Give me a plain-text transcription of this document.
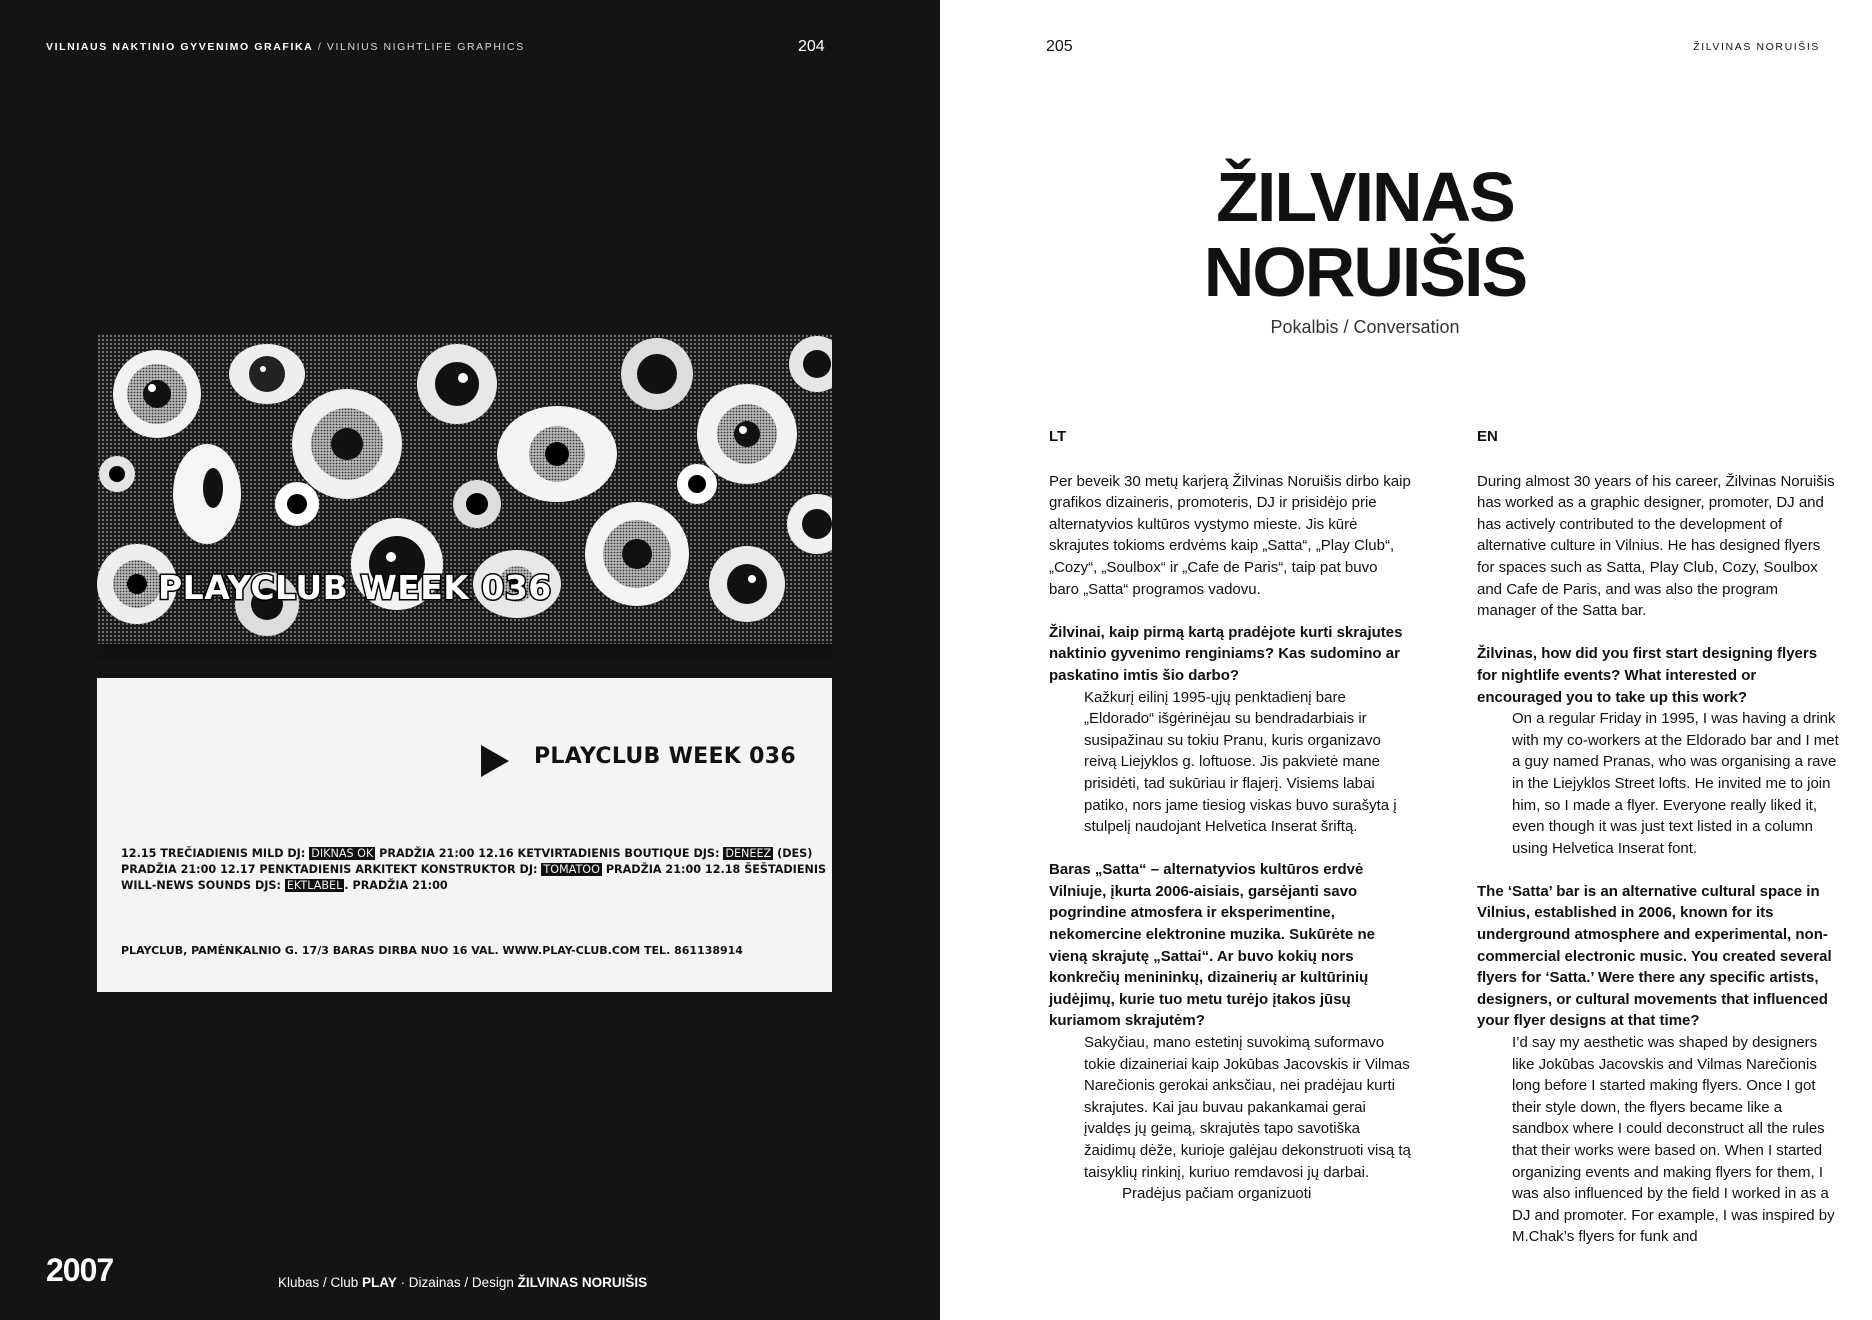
VILNIAUS NAKTINIO GYVENIMO GRAFIKA / VILNIUS NIGHTLIFE GRAPHICS	204
PLAYCLUB WEEK 036
PLAYCLUB WEEK 036
12.15 TREČIADIENIS MILD DJ: DIKNAS OK PRADŽIA 21:00 12.16 KETVIRTADIENIS BOUTIQUE DJS: DENEEZ (DES)
PRADŽIA 21:00 12.17 PENKTADIENIS ARKITEKT KONSTRUKTOR DJ: TOMATOO PRADŽIA 21:00 12.18 ŠEŠTADIENIS
WILL-NEWS SOUNDS DJS: EKTLABEL . PRADŽIA 21:00
PLAYCLUB, PAMĖNKALNIO G. 17/3 BARAS DIRBA NUO 16 VAL. WWW.PLAY-CLUB.COM TEL. 861138914
2007	Klubas / Club PLAY · Dizainas / Design ŽILVINAS NORUIŠIS
205	ŽILVINAS NORUIŠIS
ŽILVINAS
NORUIŠIS
Pokalbis / Conversation
LT

Per beveik 30 metų karjerą Žilvinas Noruišis dirbo kaip grafikos dizaineris, promoteris, DJ ir prisidėjo prie alternatyvios kultūros vystymo mieste. Jis kūrė skrajutes tokioms erdvėms kaip „Satta“, „Play Club“, „Cozy“, „Soulbox“ ir „Cafe de Paris“, taip pat buvo baro „Satta“ programos vadovu.

Žilvinai, kaip pirmą kartą pradėjote kurti skrajutes naktinio gyvenimo renginiams? Kas sudomino ar paskatino imtis šio darbo?

Kažkurį eilinį 1995-ųjų penktadienį bare „Eldorado“ išgėrinėjau su bendradarbiais ir susipažinau su tokiu Pranu, kuris organizavo reivą Liejyklos g. loftuose. Jis pakvietė mane prisidėti, tad sukūriau ir flajerį. Visiems labai patiko, nors jame tiesiog viskas buvo surašyta į stulpelį naudojant Helvetica Inserat šriftą.

Baras „Satta“ – alternatyvios kultūros erdvė Vilniuje, įkurta 2006-aisiais, garsėjanti savo pogrindine atmosfera ir eksperimentine, nekomercine elektronine muzika. Sukūrėte ne vieną skrajutę „Sattai“. Ar buvo kokių nors konkrečių menininkų, dizainerių ar kultūrinių judėjimų, kurie tuo metu turėjo įtakos jūsų kuriamom skrajutėm?

Sakyčiau, mano estetinį suvokimą suformavo tokie dizaineriai kaip Jokūbas Jacovskis ir Vilmas Narečionis gerokai anksčiau, nei pradėjau kurti skrajutes. Kai jau buvau pakankamai gerai įvaldęs jų geimą, skrajutės tapo savotiška žaidimų dėže, kurioje galėjau dekonstruoti visą tą taisyklių rinkinį, kuriuo remdavosi jų darbai.

Pradėjus pačiam organizuoti

EN

During almost 30 years of his career, Žilvinas Noruišis has worked as a graphic designer, promoter, DJ and has actively contributed to the development of alternative culture in Vilnius. He has designed flyers for spaces such as Satta, Play Club, Cozy, Soulbox and Cafe de Paris, and was also the program manager of the Satta bar.

Žilvinas, how did you first start designing flyers for nightlife events? What interested or encouraged you to take up this work?

On a regular Friday in 1995, I was having a drink with my co-workers at the Eldorado bar and I met a guy named Pranas, who was organising a rave in the Liejyklos Street lofts. He invited me to join him, so I made a flyer. Everyone really liked it, even though it was just text listed in a column using Helvetica Inserat font.

The ‘Satta’ bar is an alternative cultural space in Vilnius, established in 2006, known for its underground atmosphere and experimental, non-commercial electronic music. You created several flyers for ‘Satta.’ Were there any specific artists, designers, or cultural movements that influenced your flyer designs at that time?

I’d say my aesthetic was shaped by designers like Jokūbas Jacovskis and Vilmas Narečionis long before I started making flyers. Once I got their style down, the flyers became like a sandbox where I could deconstruct all the rules that their works were based on. When I started organizing events and making flyers for them, I was also influenced by the field I worked in as a DJ and promoter. For example, I was inspired by M.Chak’s flyers for funk and
